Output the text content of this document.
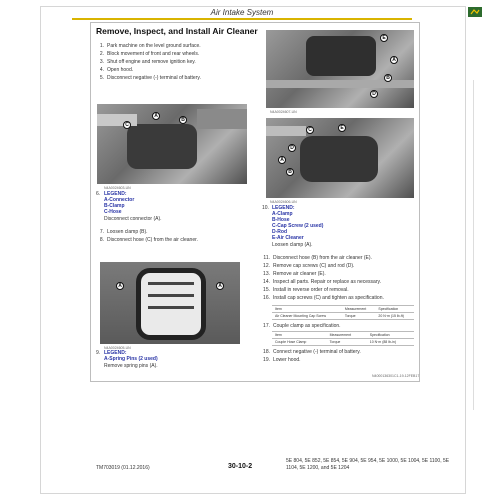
Air Intake System
Remove, Inspect, and Install Air Cleaner
1. Park machine on the level ground surface.
2. Block movement of front and rear wheels.
3. Shut off engine and remove ignition key.
4. Open hood.
5. Disconnect negative (-) terminal of battery.
A
C
B
N4A0024603-UN
6. LEGEND:
A-Connector
B-Clamp
C-Hose
Disconnect connector (A).
7. Loosen clamp (B).
8. Disconnect hose (C) from the air cleaner.
A	A
N4A0024605-UN
9. LEGEND:
A-Spring Pins (2 used)
Remove spring pins (A).
E
A
B
D
N4A0024607-UN
C
D
E
B
A
N4A0024606-UN
10. LEGEND:
A-Clamp
B-Hose
C-Cap Screw (2 used)
D-Rod
E-Air Cleaner
Loosen clamp (A).
11. Disconnect hose (B) from the air cleaner (E).
12. Remove cap screws (C) and rod (D).
13. Remove air cleaner (E).
14. Inspect all parts. Repair or replace as necessary.
15. Install in reverse order of removal.
16. Install cap screws (C) and tighten as specification.
Item	Measurement	Specification
Air Cleaner Mounting Cap Screw	Torque	20 N·m (15 lb-ft)
17. Couple clamp as specification.
Item	Measurement	Specification
Couple Hose Clamp	Torque	10 N·m (88 lb-in)
18. Connect negative (-) terminal of battery.
19. Lower hood.
N4000136301C1-19-12FEB17
TM703019 (01.12.2016)	30-10-2
5E 804, 5E 852, 5E 854, 5E 904, 5E 954, 5E 1000, 5E 1004, 5E 1100, 5E 1104, 5E 1200, and 5E 1204
